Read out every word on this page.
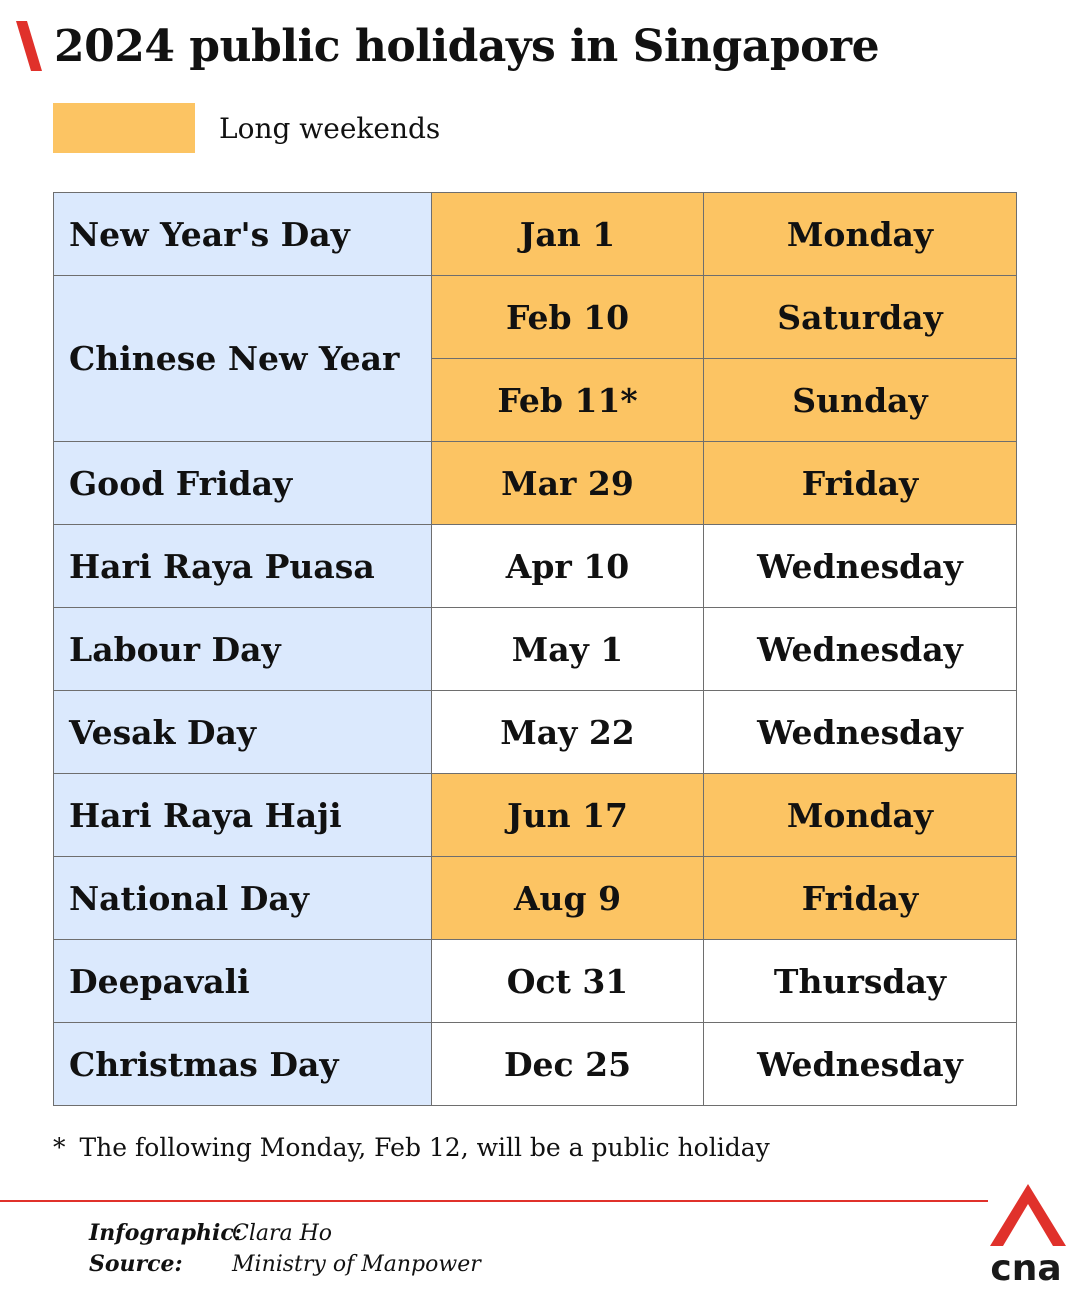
2024 public holidays in Singapore
Long weekends
New Year's Day	Jan 1	Monday
Chinese New Year	Feb 10	Saturday
	Feb 11*	Sunday
Good Friday	Mar 29	Friday
Hari Raya Puasa	Apr 10	Wednesday
Labour Day	May 1	Wednesday
Vesak Day	May 22	Wednesday
Hari Raya Haji	Jun 17	Monday
National Day	Aug 9	Friday
Deepavali	Oct 31	Thursday
Christmas Day	Dec 25	Wednesday
* The following Monday, Feb 12, will be a public holiday
Infographic:
Clara Ho
Source:	Ministry of Manpower	cna
